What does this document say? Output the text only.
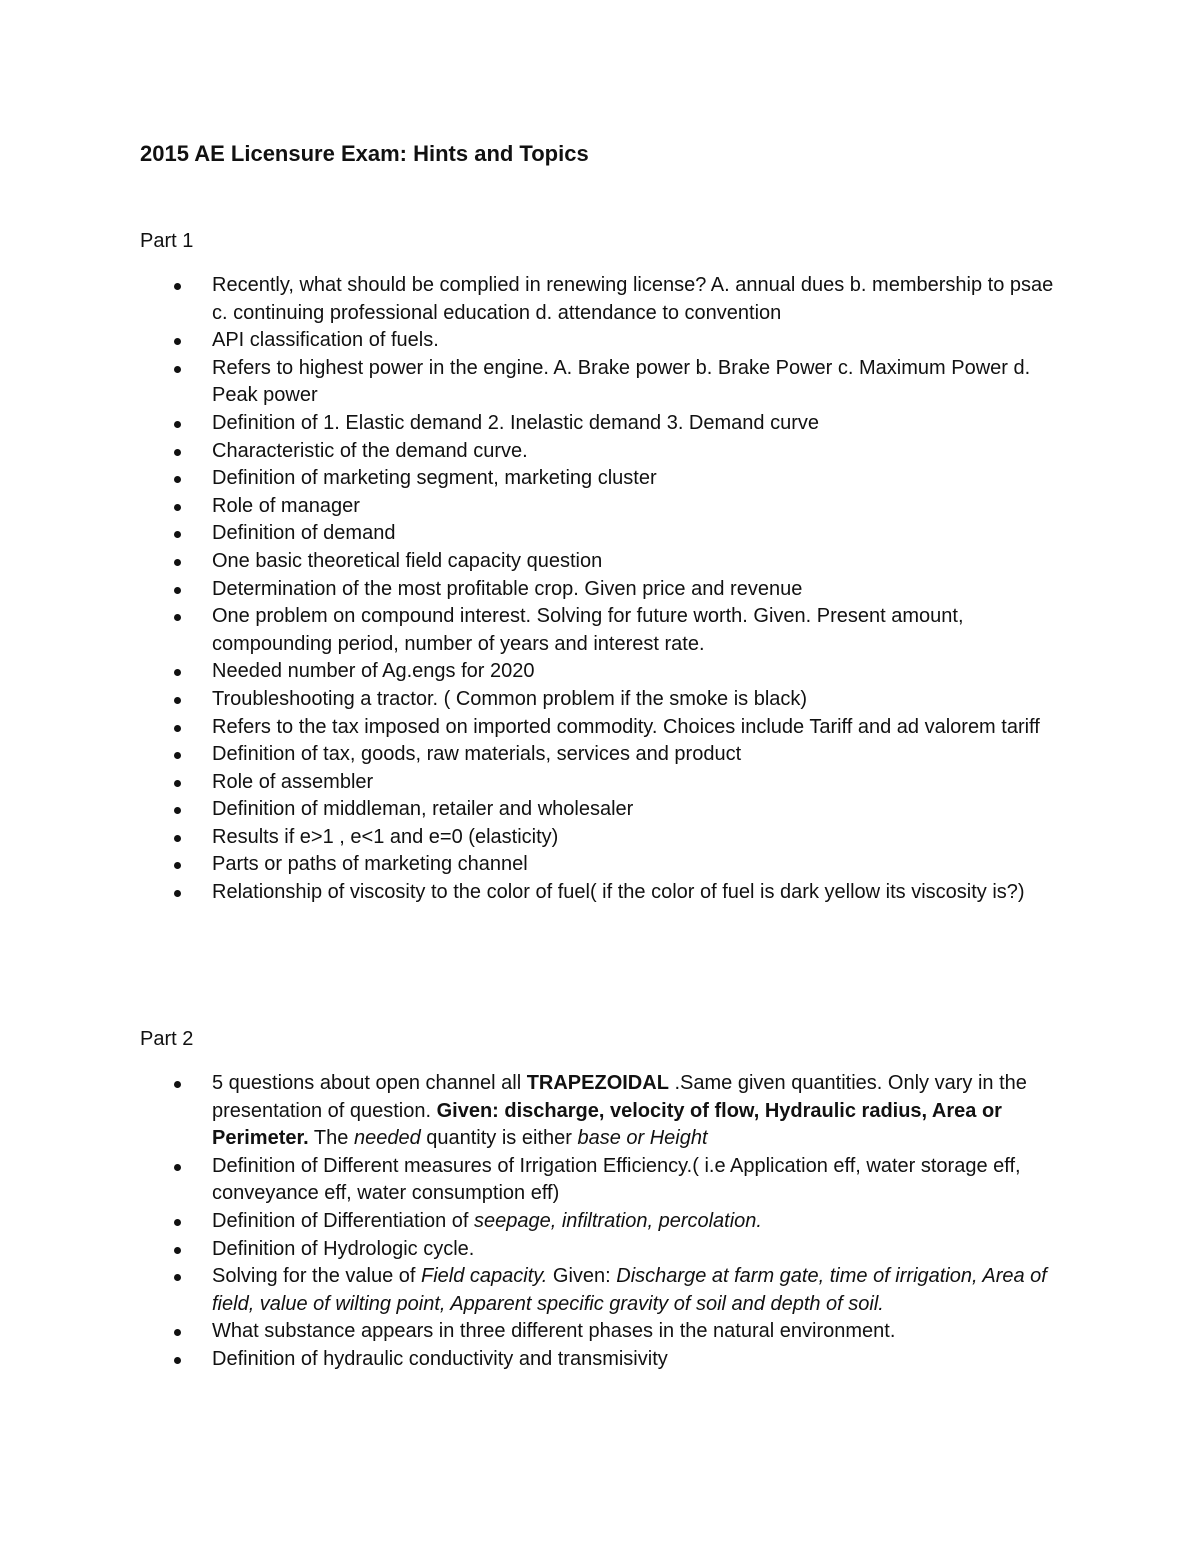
2015 AE Licensure Exam: Hints and Topics
Part 1
Recently, what should be complied in renewing license? A. annual dues b. membership to psae c. continuing professional education d. attendance to convention
API classification of fuels.
Refers to highest power in the engine. A. Brake power b. Brake Power c. Maximum Power d. Peak power
Definition of 1. Elastic demand 2. Inelastic demand 3. Demand curve
Characteristic of the demand curve.
Definition of marketing segment, marketing cluster
Role of manager
Definition of demand
One basic theoretical field capacity question
Determination of the most profitable crop. Given price and revenue
One problem on compound interest. Solving for future worth. Given. Present amount, compounding period, number of years and interest rate.
Needed number of Ag.engs for 2020
Troubleshooting a tractor. ( Common problem if the smoke is black)
Refers to the tax imposed on imported commodity. Choices include Tariff and ad valorem tariff
Definition of tax, goods, raw materials, services and product
Role of assembler
Definition of middleman, retailer and wholesaler
Results if e>1 , e<1 and e=0 (elasticity)
Parts or paths of marketing channel
Relationship of viscosity to the color of fuel( if the color of fuel is dark yellow its viscosity is?)
Part 2
5 questions about open channel all TRAPEZOIDAL .Same given quantities. Only vary in the presentation of question. Given: discharge, velocity of flow, Hydraulic radius, Area or Perimeter. The needed quantity is either base or Height
Definition of Different measures of Irrigation Efficiency.( i.e Application eff, water storage eff, conveyance eff, water consumption eff)
Definition of Differentiation of seepage, infiltration, percolation.
Definition of Hydrologic cycle.
Solving for the value of Field capacity. Given: Discharge at farm gate, time of irrigation, Area of field, value of wilting point, Apparent specific gravity of soil and depth of soil.
What substance appears in three different phases in the natural environment.
Definition of hydraulic conductivity and transmisivity
